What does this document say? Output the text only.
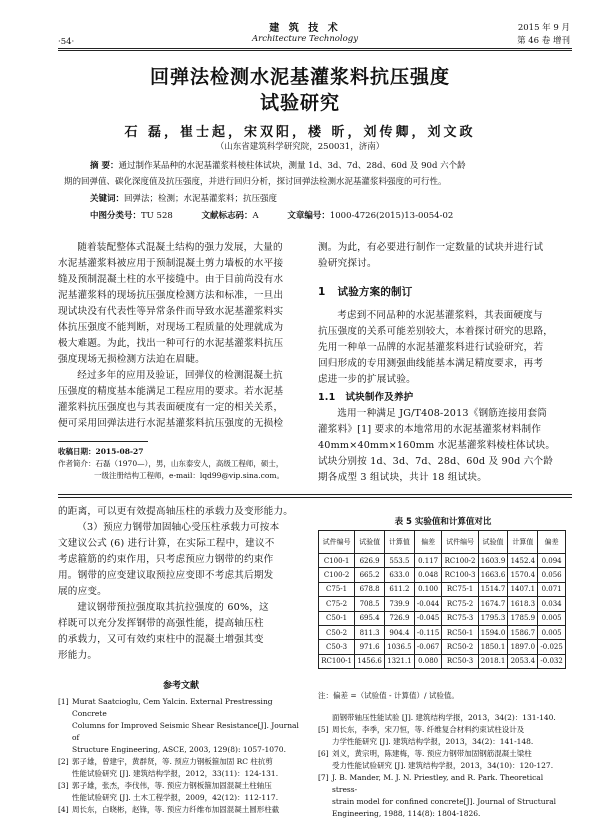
·54·
建 筑 技 术
Architecture Technology
2015 年 9 月
第 46 卷 增刊
回弹法检测水泥基灌浆料抗压强度
试验研究
石 磊，崔士起，宋双阳，楼 昕，刘传卿，刘文政
（山东省建筑科学研究院，250031，济南）
摘 要：通过制作某品种的水泥基灌浆料棱柱体试块，测量 1d、3d、7d、28d、60d 及 90d 六个龄
期的回弹值、碳化深度值及抗压强度，并进行回归分析，探讨回弹法检测水泥基灌浆料强度的可行性。
关键词：回弹法；检测；水泥基灌浆料；抗压强度
中图分类号：TU 528	文献标志码：A	文章编号：1000-4726(2015)13-0054-02

随着装配整体式混凝土结构的强力发展，大量的

水泥基灌浆料被应用于预制混凝土剪力墙板的水平接

缝及预制混凝土柱的水平接缝中。由于目前尚没有水

泥基灌浆料的现场抗压强度检测方法和标准，一旦出

现试块没有代表性等异常条件而导致水泥基灌浆料实

体抗压强度不能判断，对现场工程质量的处理就成为

极大难题。为此，找出一种可行的水泥基灌浆料抗压

强度现场无损检测方法迫在眉睫。

经过多年的应用及验证，回弹仪的检测混凝土抗

压强度的精度基本能满足工程应用的要求。若水泥基

灌浆料抗压强度也与其表面硬度有一定的相关关系，

便可采用回弹法进行水泥基灌浆料抗压强度的无损检

收稿日期：2015-08-27
作者简介：石磊（1970—），男，山东泰安人，高级工程师，硕士，
一级注册结构工程师，e-mail：lqd99@vip.sina.com。

测。为此，有必要进行制作一定数量的试块并进行试

验研究探讨。

1 试验方案的制订

考虑到不同品种的水泥基灌浆料，其表面硬度与

抗压强度的关系可能差别较大，本着探讨研究的思路，

先用一种单一品牌的水泥基灌浆料进行试验研究，若

回归形成的专用测强曲线能基本满足精度要求，再考

虑进一步的扩展试验。

1.1 试块制作及养护

选用一种满足 JG/T408-2013《钢筋连接用套筒

灌浆料》[1] 要求的本地常用的水泥基灌浆材料制作

40mm×40mm×160mm 水泥基灌浆料棱柱体试块。

试块分别按 1d、3d、7d、28d、60d 及 90d 六个龄

期各成型 3 组试块，共计 18 组试块。

的距离，可以更有效提高轴压柱的承载力及变形能力。

（3）预应力钢带加固轴心受压柱承载力可按本

文建议公式 (6) 进行计算，在实际工程中，建议不

考虑箍筋的约束作用，只考虑预应力钢带的约束作

用。钢带的应变建议取预拉应变即不考虑其后期发

展的应变。

建议钢带预拉强度取其抗拉强度的 60%，这

样既可以充分发挥钢带的高强性能，提高轴压柱

的承载力，又可有效约束柱中的混凝土增强其变

形能力。

参考文献
[1] Murat Saatcioglu, Cem Yalcin. External Prestressing Concrete
Columns for Improved Seismic Shear Resistance[J]. Journal of
Structure Engineering, ASCE, 2003, 129(8): 1057-1070.
[2] 郭子雄，曾建宇，黄群贤，等. 预应力钢板箍加固 RC 柱抗剪
性能试验研究 [J]. 建筑结构学报，2012，33(11)：124-131.
[3] 郭子雄，张杰，李伐伟，等. 预应力钢板箍加固混凝土柱轴压
性能试验研究 [J]. 土木工程学报，2009，42(12)：112-117.
[4] 周长东，白晓彬，赵锋，等. 预应力纤维布加固混凝土圆形柱截
表 5 实验值和计算值对比
试件编号	试验值	计算值	偏差	试件编号	试验值	计算值	偏差
C100-1	626.9	553.5	0.117	RC100-2	1603.9	1452.4	0.094
C100-2	665.2	633.0	0.048	RC100-3	1663.6	1570.4	0.056
C75-1	678.8	611.2	0.100	RC75-1	1514.7	1407.1	0.071
C75-2	708.5	739.9	-0.044	RC75-2	1674.7	1618.3	0.034
C50-1	695.4	726.9	-0.045	RC75-3	1795.3	1785.9	0.005
C50-2	811.3	904.4	-0.115	RC50-1	1594.0	1586.7	0.005
C50-3	971.6	1036.5	-0.067	RC50-2	1850.1	1897.0	-0.025
RC100-1	1456.6	1321.1	0.080	RC50-3	2018.1	2053.4	-0.032
注：偏差 =（试验值 - 计算值）/ 试验值。
面钢带轴压性能试验 [J]. 建筑结构学报，2013，34(2)：131-140.
[5] 周长东，李季，宋刀恒，等. 纤维复合材料约束试柱设计及
力学性能研究 [J]. 建筑结构学报，2013，34(2)：141-148.
[6] 刘义，黄宗明，陈建梅，等. 预应力钢带加固钢筋混凝土梁柱
受力性能试验研究 [J]. 建筑结构学报，2013，34(10)：120-127.
[7] J. B. Mander, M. J. N. Priestley, and R. Park. Theoretical stress-
strain model for confined concrete[J]. Journal of Structural
Engineering, 1988, 114(8): 1804-1826.
